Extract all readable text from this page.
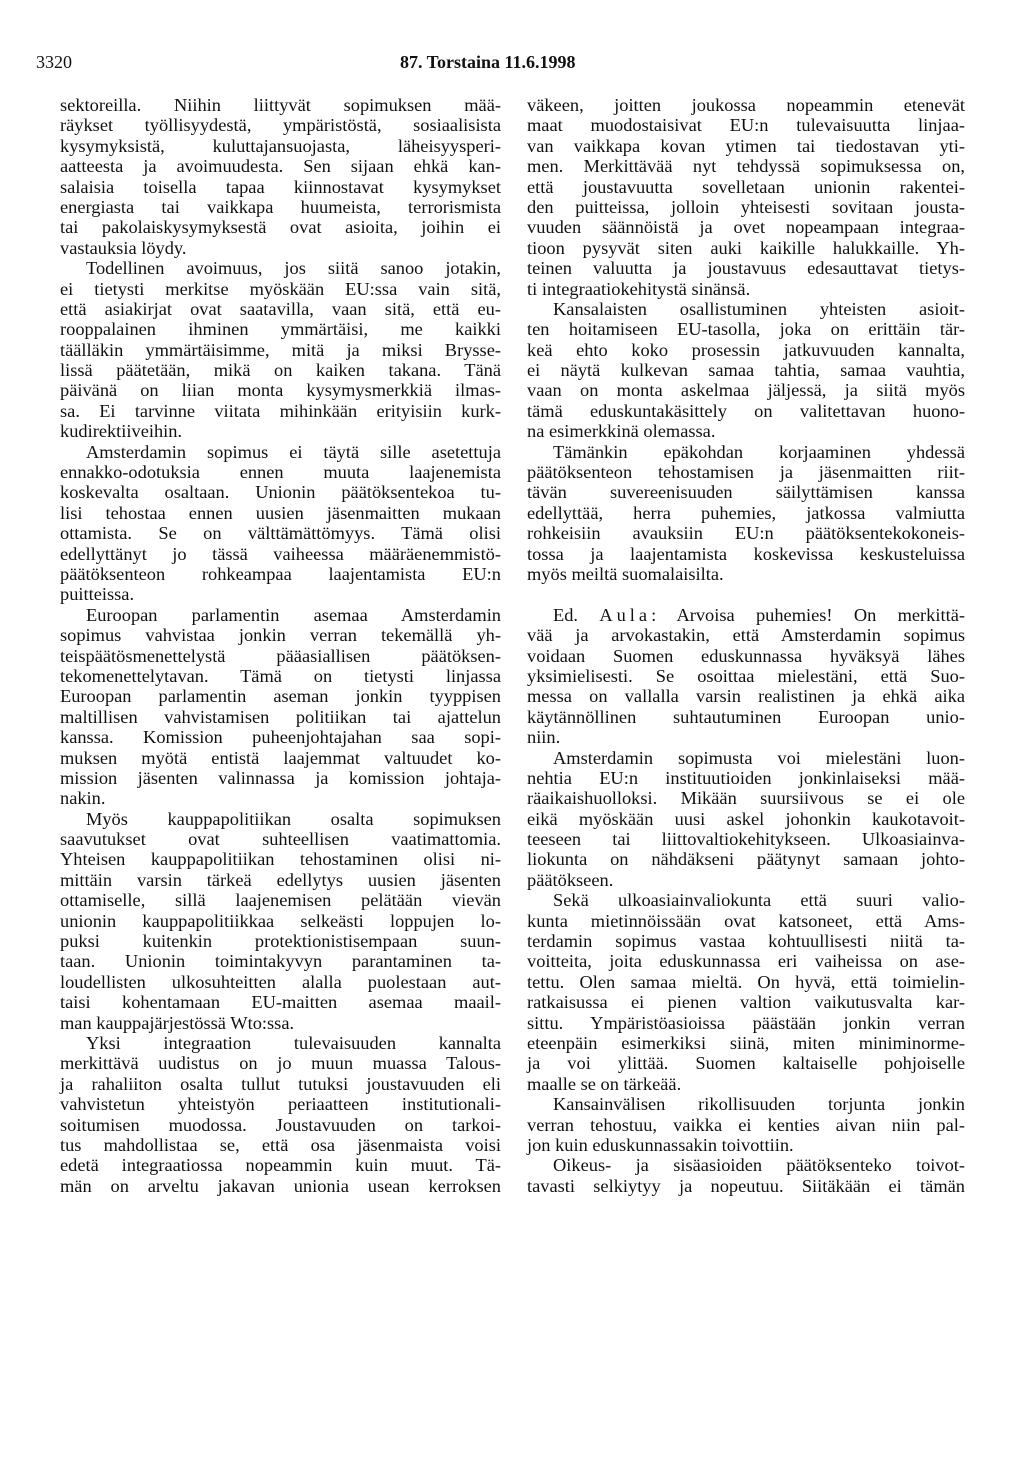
3320	87. Torstaina 11.6.1998
sektoreilla. Niihin liittyvät sopimuksen mää-
räykset työllisyydestä, ympäristöstä, sosiaalisista
kysymyksistä, kuluttajansuojasta, läheisyysperi-
aatteesta ja avoimuudesta. Sen sijaan ehkä kan-
salaisia toisella tapaa kiinnostavat kysymykset
energiasta tai vaikkapa huumeista, terrorismista
tai pakolaiskysymyksestä ovat asioita, joihin ei
vastauksia löydy.
Todellinen avoimuus, jos siitä sanoo jotakin,
ei tietysti merkitse myöskään EU:ssa vain sitä,
että asiakirjat ovat saatavilla, vaan sitä, että eu-
rooppalainen ihminen ymmärtäisi, me kaikki
täälläkin ymmärtäisimme, mitä ja miksi Brysse-
lissä päätetään, mikä on kaiken takana. Tänä
päivänä on liian monta kysymysmerkkiä ilmas-
sa. Ei tarvinne viitata mihinkään erityisiin kurk-
kudirektiiveihin.
Amsterdamin sopimus ei täytä sille asetettuja
ennakko-odotuksia ennen muuta laajenemista
koskevalta osaltaan. Unionin päätöksentekoa tu-
lisi tehostaa ennen uusien jäsenmaitten mukaan
ottamista. Se on välttämättömyys. Tämä olisi
edellyttänyt jo tässä vaiheessa määräenemmistö-
päätöksenteon rohkeampaa laajentamista EU:n
puitteissa.
Euroopan parlamentin asemaa Amsterdamin
sopimus vahvistaa jonkin verran tekemällä yh-
teispäätösmenettelystä pääasiallisen päätöksen-
tekomenettelytavan. Tämä on tietysti linjassa
Euroopan parlamentin aseman jonkin tyyppisen
maltillisen vahvistamisen politiikan tai ajattelun
kanssa. Komission puheenjohtajahan saa sopi-
muksen myötä entistä laajemmat valtuudet ko-
mission jäsenten valinnassa ja komission johtaja-
nakin.
Myös kauppapolitiikan osalta sopimuksen
saavutukset ovat suhteellisen vaatimattomia.
Yhteisen kauppapolitiikan tehostaminen olisi ni-
mittäin varsin tärkeä edellytys uusien jäsenten
ottamiselle, sillä laajenemisen pelätään vievän
unionin kauppapolitiikkaa selkeästi loppujen lo-
puksi kuitenkin protektionistisempaan suun-
taan. Unionin toimintakyvyn parantaminen ta-
loudellisten ulkosuhteitten alalla puolestaan aut-
taisi kohentamaan EU-maitten asemaa maail-
man kauppajärjestössä Wto:ssa.
Yksi integraation tulevaisuuden kannalta
merkittävä uudistus on jo muun muassa Talous-
ja rahaliiton osalta tullut tutuksi joustavuuden eli
vahvistetun yhteistyön periaatteen institutionali-
soitumisen muodossa. Joustavuuden on tarkoi-
tus mahdollistaa se, että osa jäsenmaista voisi
edetä integraatiossa nopeammin kuin muut. Tä-
män on arveltu jakavan unionia usean kerroksen
väkeen, joitten joukossa nopeammin etenevät
maat muodostaisivat EU:n tulevaisuutta linjaa-
van vaikkapa kovan ytimen tai tiedostavan yti-
men. Merkittävää nyt tehdyssä sopimuksessa on,
että joustavuutta sovelletaan unionin rakentei-
den puitteissa, jolloin yhteisesti sovitaan jousta-
vuuden säännöistä ja ovet nopeampaan integraa-
tioon pysyvät siten auki kaikille halukkaille. Yh-
teinen valuutta ja joustavuus edesauttavat tietys-
ti integraatiokehitystä sinänsä.
Kansalaisten osallistuminen yhteisten asioit-
ten hoitamiseen EU-tasolla, joka on erittäin tär-
keä ehto koko prosessin jatkuvuuden kannalta,
ei näytä kulkevan samaa tahtia, samaa vauhtia,
vaan on monta askelmaa jäljessä, ja siitä myös
tämä eduskuntakäsittely on valitettavan huono-
na esimerkkinä olemassa.
Tämänkin epäkohdan korjaaminen yhdessä
päätöksenteon tehostamisen ja jäsenmaitten riit-
tävän suvereenisuuden säilyttämisen kanssa
edellyttää, herra puhemies, jatkossa valmiutta
rohkeisiin avauksiin EU:n päätöksentekokoneis-
tossa ja laajentamista koskevissa keskusteluissa
myös meiltä suomalaisilta.
Ed. Aula: Arvoisa puhemies! On merkittä-
vää ja arvokastakin, että Amsterdamin sopimus
voidaan Suomen eduskunnassa hyväksyä lähes
yksimielisesti. Se osoittaa mielestäni, että Suo-
messa on vallalla varsin realistinen ja ehkä aika
käytännöllinen suhtautuminen Euroopan unio-
niin.
Amsterdamin sopimusta voi mielestäni luon-
nehtia EU:n instituutioiden jonkinlaiseksi mää-
räaikaishuolloksi. Mikään suursiivous se ei ole
eikä myöskään uusi askel johonkin kaukotavoit-
teeseen tai liittovaltiokehitykseen. Ulkoasiainva-
liokunta on nähdäkseni päätynyt samaan johto-
päätökseen.
Sekä ulkoasiainvaliokunta että suuri valio-
kunta mietinnöissään ovat katsoneet, että Ams-
terdamin sopimus vastaa kohtuullisesti niitä ta-
voitteita, joita eduskunnassa eri vaiheissa on ase-
tettu. Olen samaa mieltä. On hyvä, että toimielin-
ratkaisussa ei pienen valtion vaikutusvalta kar-
sittu. Ympäristöasioissa päästään jonkin verran
eteenpäin esimerkiksi siinä, miten miniminorme-
ja voi ylittää. Suomen kaltaiselle pohjoiselle
maalle se on tärkeää.
Kansainvälisen rikollisuuden torjunta jonkin
verran tehostuu, vaikka ei kenties aivan niin pal-
jon kuin eduskunnassakin toivottiin.
Oikeus- ja sisäasioiden päätöksenteko toivot-
tavasti selkiytyy ja nopeutuu. Siitäkään ei tämän
